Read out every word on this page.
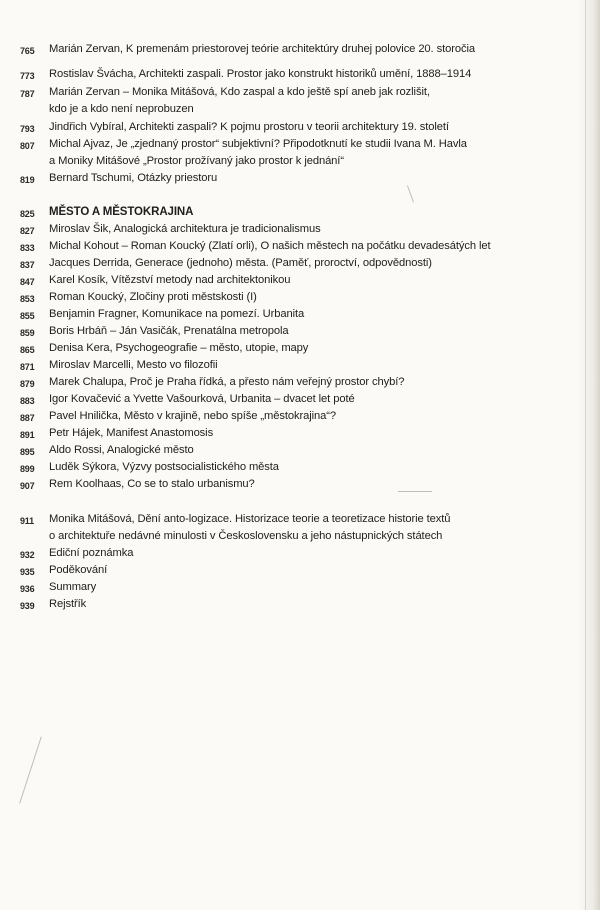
765	Marián Zervan, K premenám priestorovej teórie architektúry druhej polovice 20. storočia
773	Rostislav Švácha, Architekti zaspali. Prostor jako konstrukt historiků umění, 1888–1914
787	Marián Zervan – Monika Mitášová, Kdo zaspal a kdo ještě spí aneb jak rozlišit,
kdo je a kdo není neprobuzen
793	Jindřich Vybíral, Architekti zaspali? K pojmu prostoru v teorii architektury 19. století
807	Michal Ajvaz, Je „zjednaný prostor“ subjektivní? Připodotknutí ke studii Ivana M. Havla
a Moniky Mitášové „Prostor prožívaný jako prostor k jednání“
819	Bernard Tschumi, Otázky priestoru
825	MĚSTO A MĚSTOKRAJINA
827	Miroslav Šik, Analogická architektura je tradicionalismus
833	Michal Kohout – Roman Koucký (Zlatí orli), O našich městech na počátku devadesátých let
837	Jacques Derrida, Generace (jednoho) města. (Paměť, proroctví, odpovědnosti)
847	Karel Kosík, Vítězství metody nad architektonikou
853	Roman Koucký, Zločiny proti městskosti (I)
855	Benjamin Fragner, Komunikace na pomezí. Urbanita
859	Boris Hrbáň – Ján Vasičák, Prenatálna metropola
865	Denisa Kera, Psychogeografie – město, utopie, mapy
871	Miroslav Marcelli, Mesto vo filozofii
879	Marek Chalupa, Proč je Praha řídká, a přesto nám veřejný prostor chybí?
883	Igor Kovačević a Yvette Vašourková, Urbanita – dvacet let poté
887	Pavel Hnilička, Město v krajině, nebo spíše „městokrajina“?
891	Petr Hájek, Manifest Anastomosis
895	Aldo Rossi, Analogické město
899	Luděk Sýkora, Výzvy postsocialistického města
907	Rem Koolhaas, Co se to stalo urbanismu?
911	Monika Mitášová, Dění anto-logizace. Historizace teorie a teoretizace historie textů
o architektuře nedávné minulosti v Československu a jeho nástupnických státech
932	Ediční poznámka
935	Poděkování
936	Summary
939	Rejstřík
